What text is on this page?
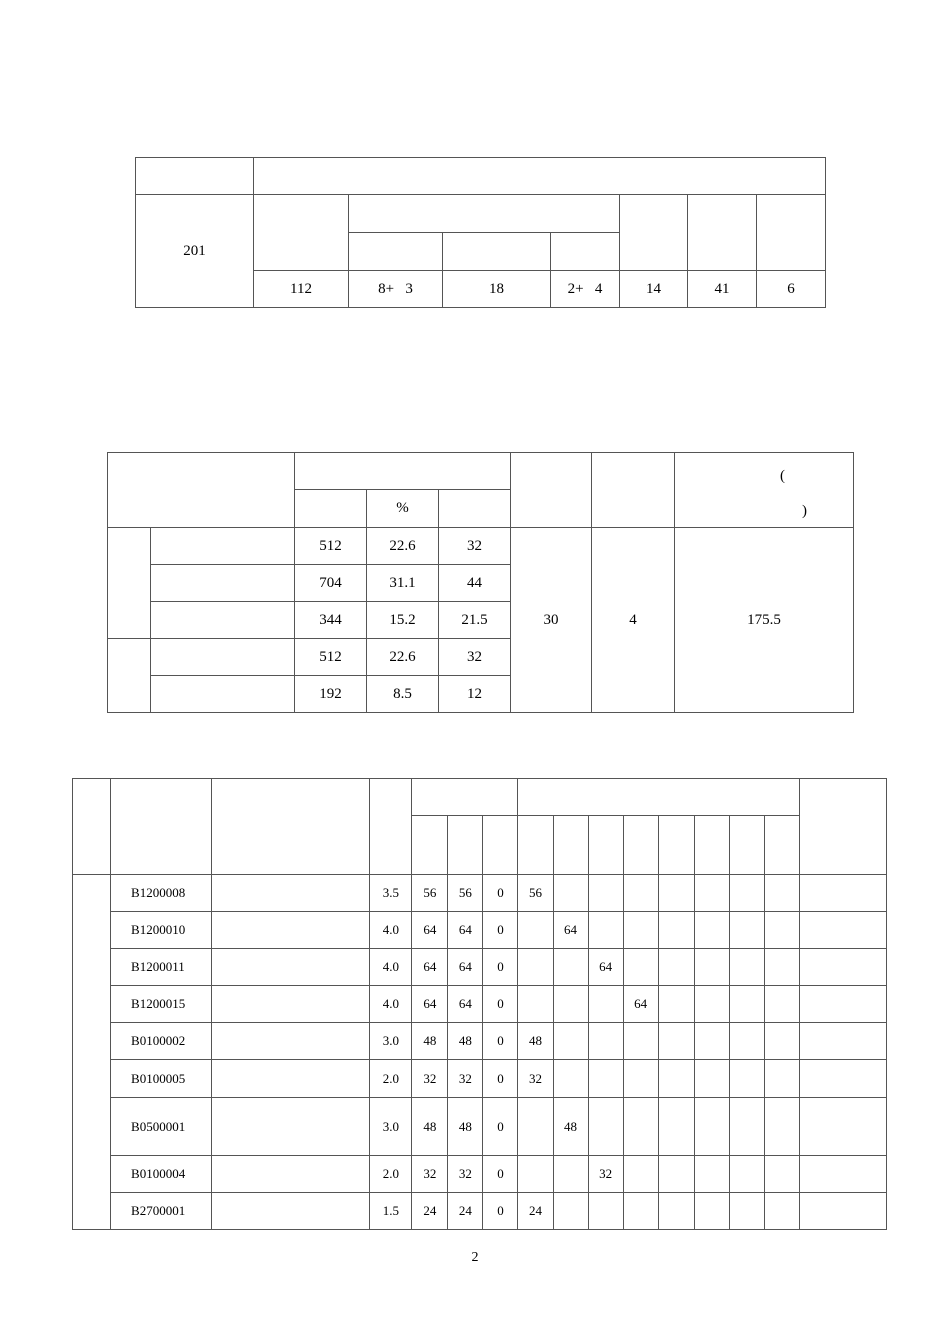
201							

	112	8+ 3	18	2+ 4	14	41	6

							(
)

			%				
		512	22.6	32	30	4	175.5
		704	31.1	44			
		344	15.2	21.5			
		512	22.6	32			
		192	8.5	12			

	B1200008		3.5	56	56	0	56								
	B1200010		4.0	64	64	0		64							
	B1200011		4.0	64	64	0			64						
	B1200015		4.0	64	64	0				64					
	B0100002		3.0	48	48	0	48								
	B0100005		2.0	32	32	0	32								
	B0500001		3.0	48	48	0		48							
	B0100004		2.0	32	32	0			32						
	B2700001		1.5	24	24	0	24								
2
